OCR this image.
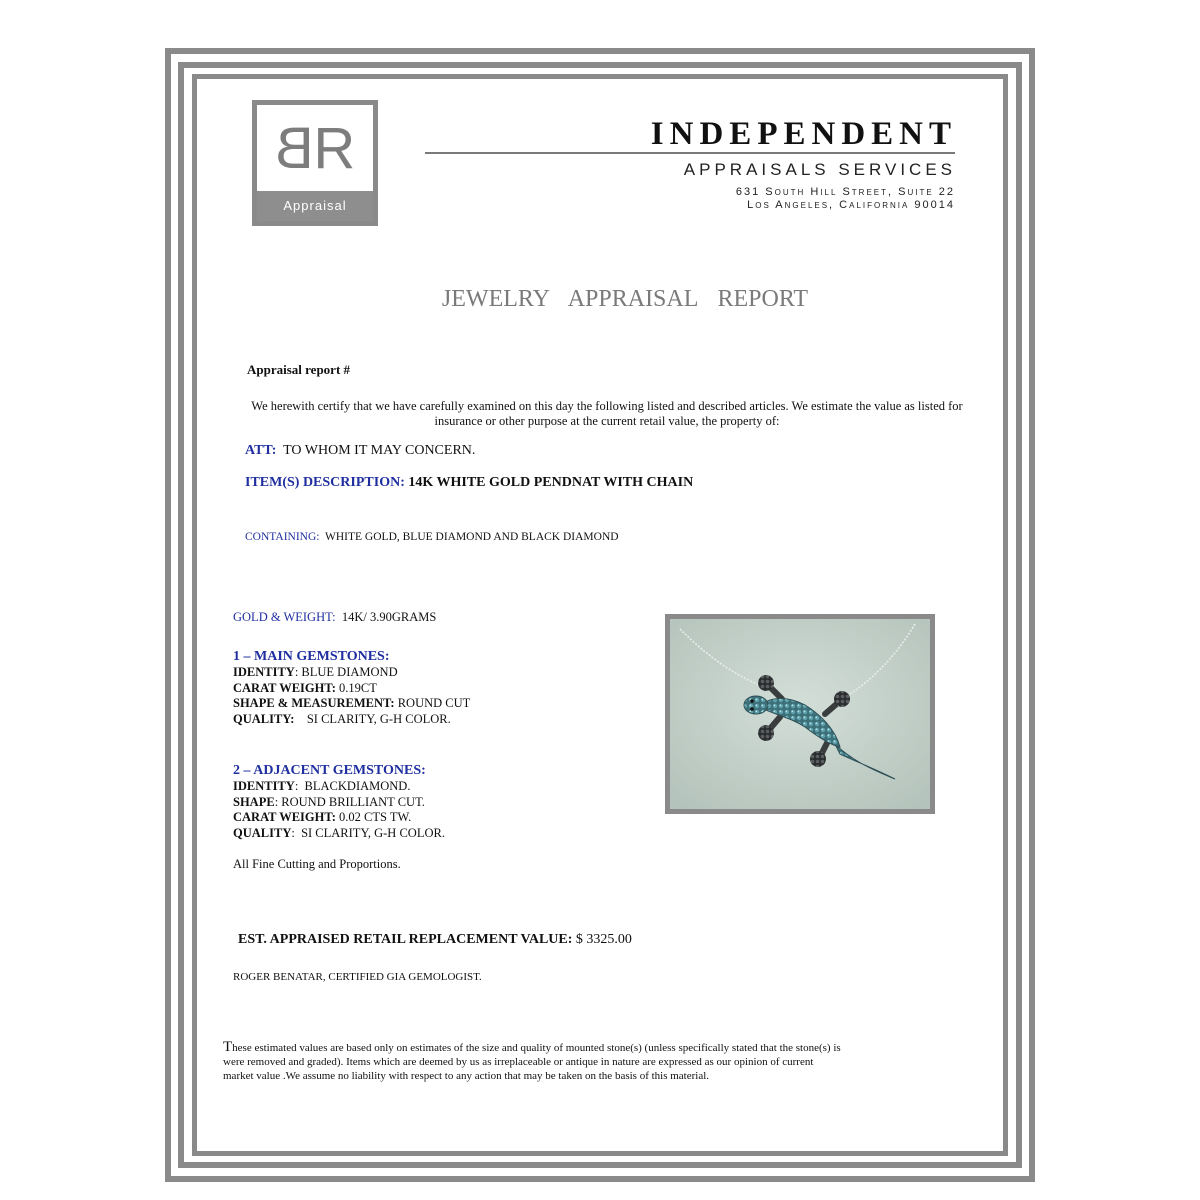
BR
Appraisal
INDEPENDENT
APPRAISALS SERVICES
631 South Hill Street, Suite 22
Los Angeles, California 90014
JEWELRY APPRAISAL REPORT
Appraisal report #
We herewith certify that we have carefully examined on this day the following listed and described articles. We estimate the value as listed for insurance or other purpose at the current retail value, the property of:
ATT: TO WHOM IT MAY CONCERN.
ITEM(S) DESCRIPTION: 14K WHITE GOLD PENDNAT WITH CHAIN
CONTAINING: WHITE GOLD, BLUE DIAMOND AND BLACK DIAMOND
GOLD & WEIGHT: 14K/ 3.90GRAMS
1 – MAIN GEMSTONES:
IDENTITY: BLUE DIAMOND
CARAT WEIGHT: 0.19CT
SHAPE & MEASUREMENT: ROUND CUT
QUALITY:    SI CLARITY, G-H COLOR.
2 – ADJACENT GEMSTONES:
IDENTITY:  BLACKDIAMOND.
SHAPE: ROUND BRILLIANT CUT.
CARAT WEIGHT: 0.02 CTS TW.
QUALITY:  SI CLARITY, G-H COLOR.
All Fine Cutting and Proportions.
EST. APPRAISED RETAIL REPLACEMENT VALUE: $ 3325.00
ROGER BENATAR, CERTIFIED GIA GEMOLOGIST.
These estimated values are based only on estimates of the size and quality of mounted stone(s) (unless specifically stated that the stone(s) is
were removed and graded). Items which are deemed by us as irreplaceable or antique in nature are expressed as our opinion of current
market value .We assume no liability with respect to any action that may be taken on the basis of this material.
